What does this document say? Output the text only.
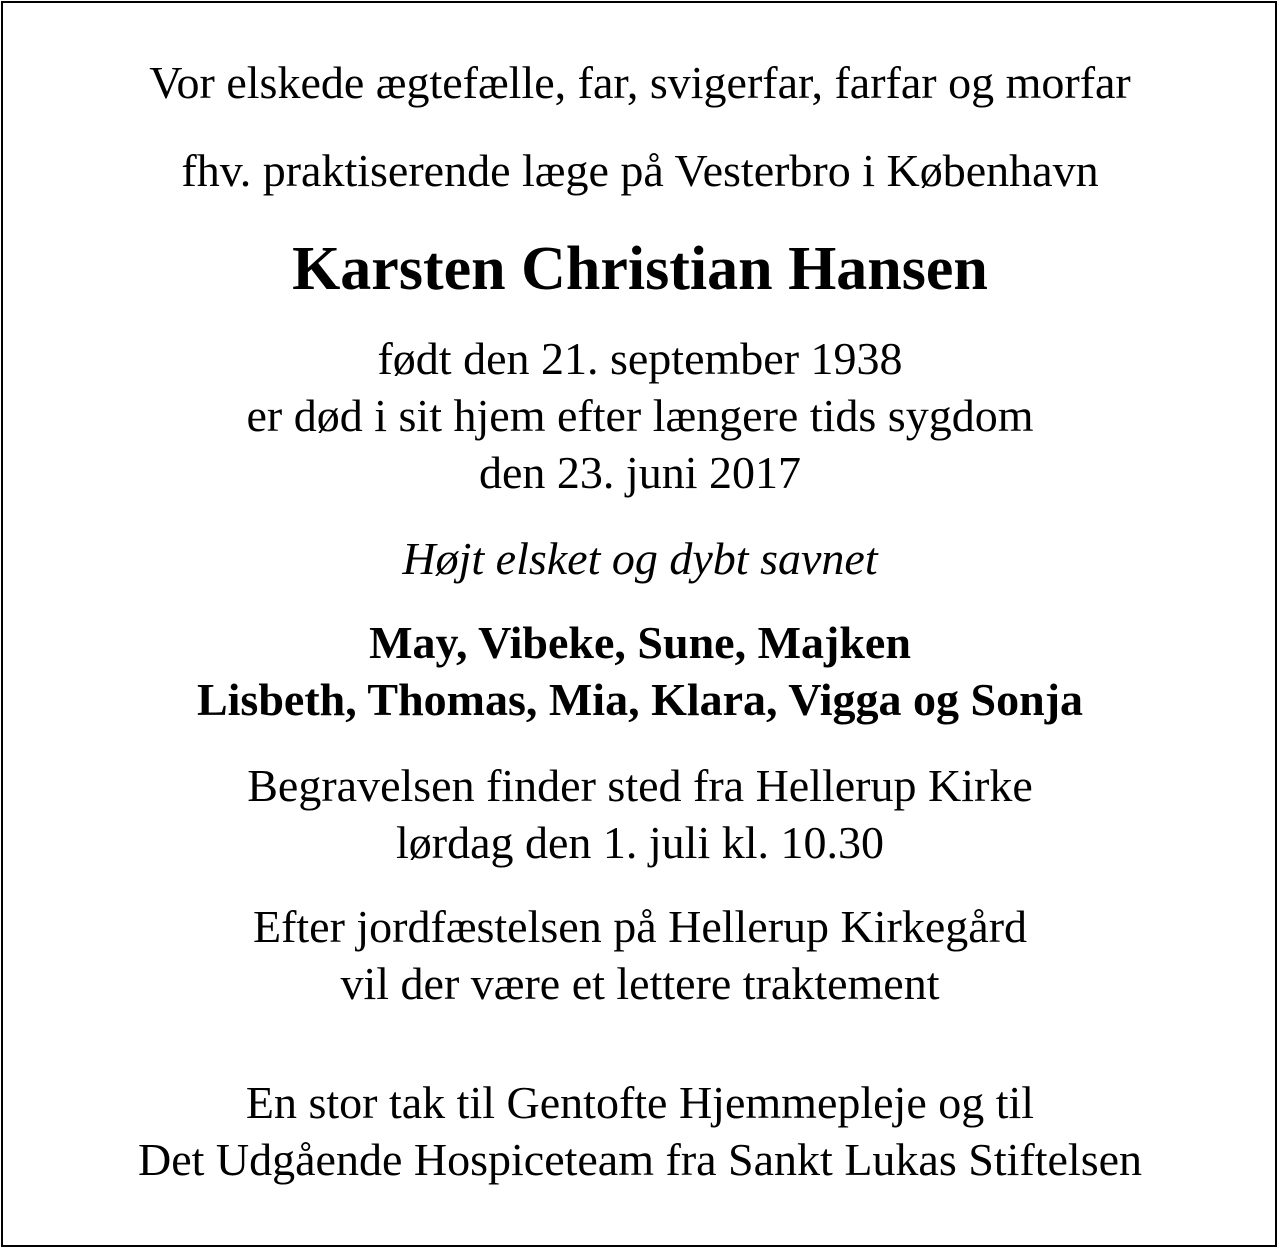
Vor elskede ægtefælle, far, svigerfar, farfar og morfar
fhv. praktiserende læge på Vesterbro i København
Karsten Christian Hansen
født den 21. september 1938
er død i sit hjem efter længere tids sygdom
den 23. juni 2017
Højt elsket og dybt savnet
May, Vibeke, Sune, Majken
Lisbeth, Thomas, Mia, Klara, Vigga og Sonja
Begravelsen finder sted fra Hellerup Kirke
lørdag den 1. juli kl. 10.30
Efter jordfæstelsen på Hellerup Kirkegård
vil der være et lettere traktement
En stor tak til Gentofte Hjemmepleje og til
Det Udgående Hospiceteam fra Sankt Lukas Stiftelsen
